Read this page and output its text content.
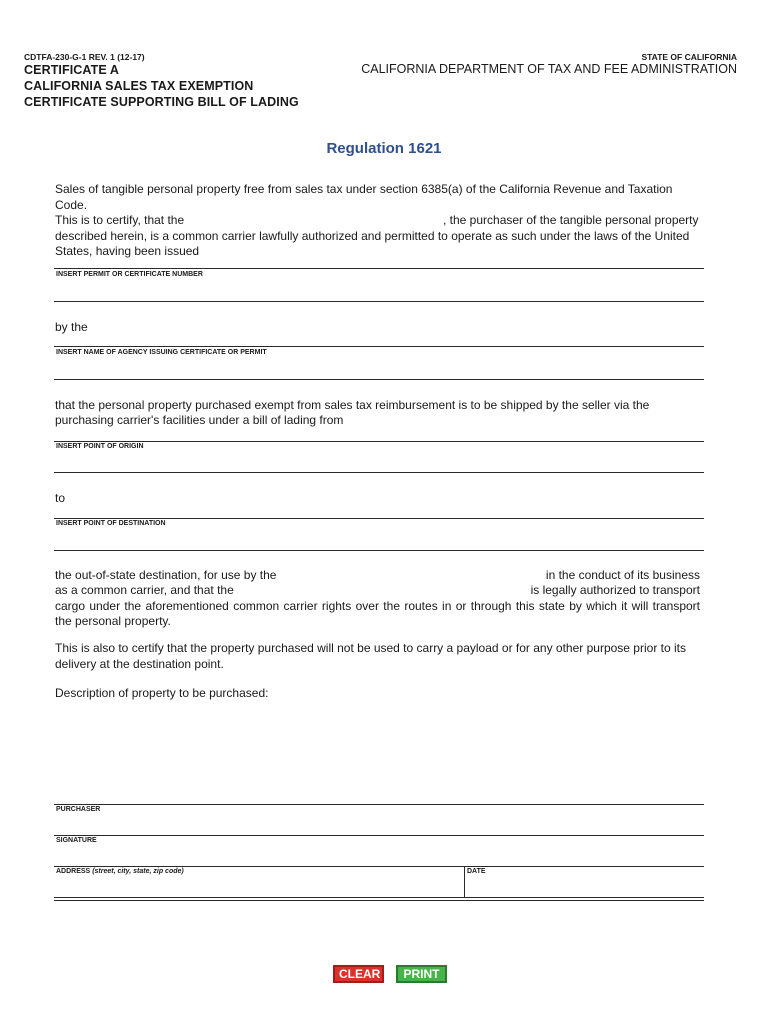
CDTFA-230-G-1 REV. 1 (12-17)
CERTIFICATE A
CALIFORNIA SALES TAX EXEMPTION
CERTIFICATE SUPPORTING BILL OF LADING
STATE OF CALIFORNIA
CALIFORNIA DEPARTMENT OF TAX AND FEE ADMINISTRATION
Regulation 1621
Sales of tangible personal property free from sales tax under section 6385(a) of the California Revenue and Taxation Code.
This is to certify, that the	, the purchaser of the tangible personal property
described herein, is a common carrier lawfully authorized and permitted to operate as such under the laws of the United
States, having been issued
INSERT PERMIT OR CERTIFICATE NUMBER
by the
INSERT NAME OF AGENCY ISSUING CERTIFICATE OR PERMIT
that the personal property purchased exempt from sales tax reimbursement is to be shipped by the seller via the
purchasing carrier's facilities under a bill of lading from
INSERT POINT OF ORIGIN
to
INSERT POINT OF DESTINATION
the out-of-state destination, for use by the	in the conduct of its business
as a common carrier, and that the	is legally authorized to transport
cargo under the aforementioned common carrier rights over the routes in or through this state by which it will transport
the personal property.
This is also to certify that the property purchased will not be used to carry a payload or for any other purpose prior to its
delivery at the destination point.
Description of property to be purchased:
PURCHASER
SIGNATURE
ADDRESS (street, city, state, zip code)	DATE
CLEAR	PRINT
